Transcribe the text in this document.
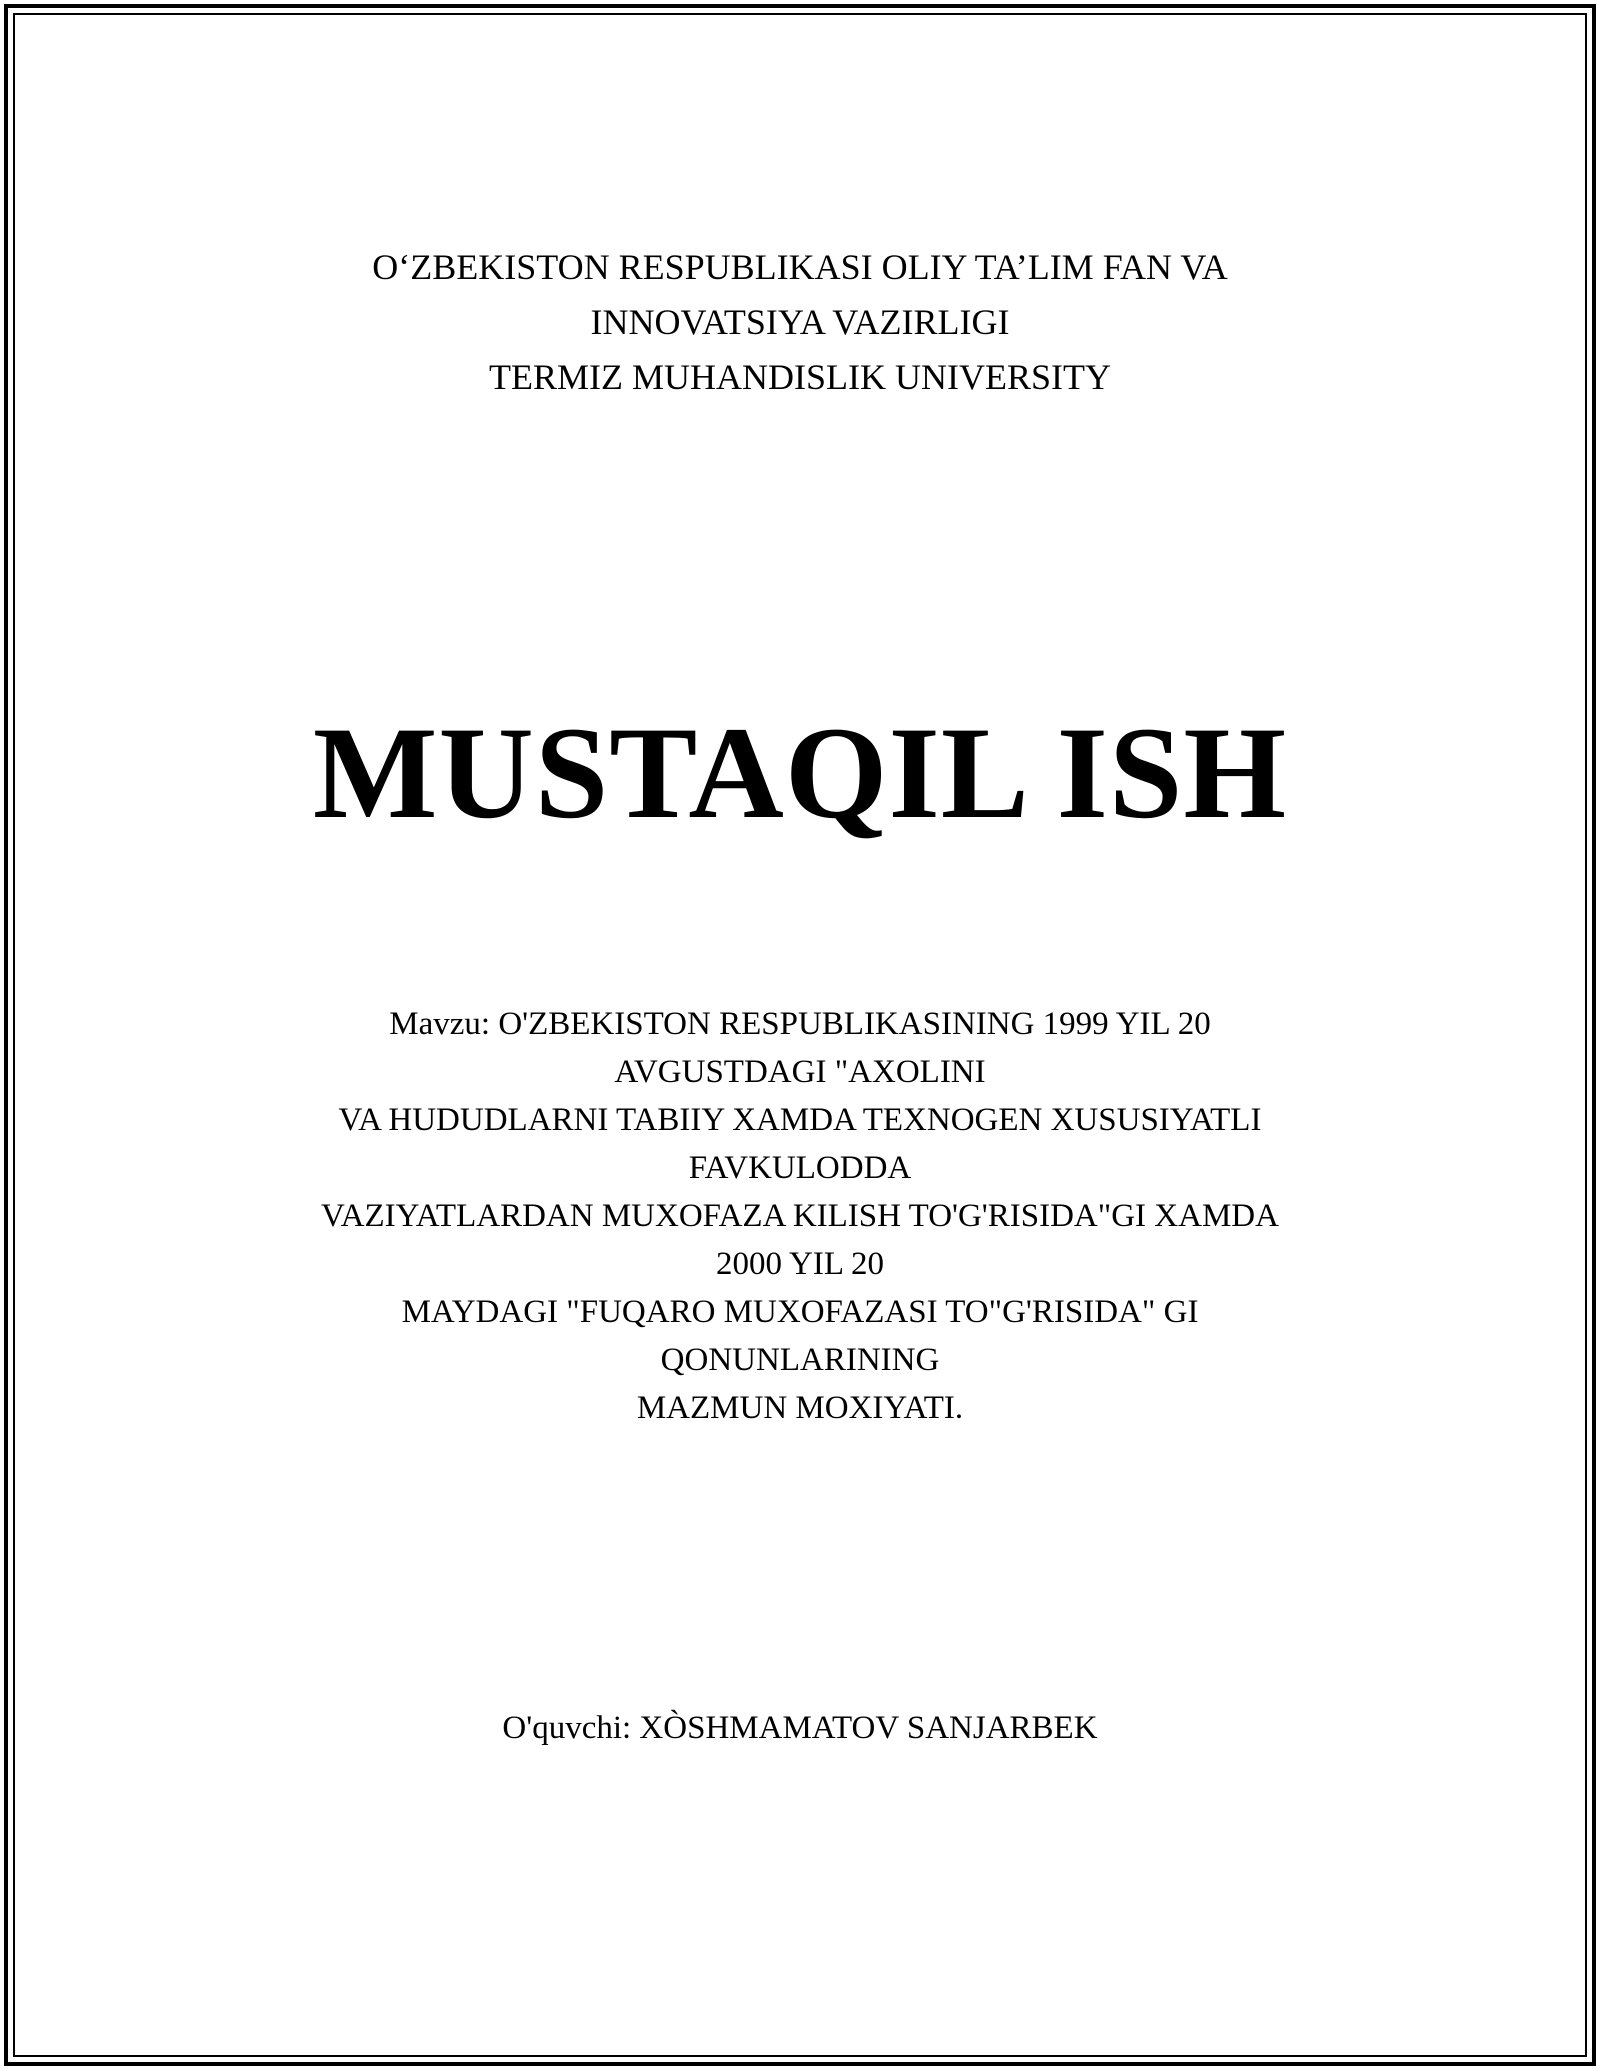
O‘ZBEKISTON RESPUBLIKASI OLIY TA’LIM FAN VA
INNOVATSIYA VAZIRLIGI
TERMIZ MUHANDISLIK UNIVERSITY
MUSTAQIL ISH
Mavzu: O'ZBEKISTON RESPUBLIKASINING 1999 YIL 20
AVGUSTDAGI "AXOLINI
VA HUDUDLARNI TABIIY XAMDA TEXNOGEN XUSUSIYATLI
FAVKULODDA
VAZIYATLARDAN MUXOFAZA KILISH TO'G'RISIDA"GI XAMDA
2000 YIL 20
MAYDAGI "FUQARO MUXOFAZASI TO"G'RISIDA" GI
QONUNLARINING
MAZMUN MOXIYATI.
O'quvchi: XÒSHMAMATOV SANJARBEK
